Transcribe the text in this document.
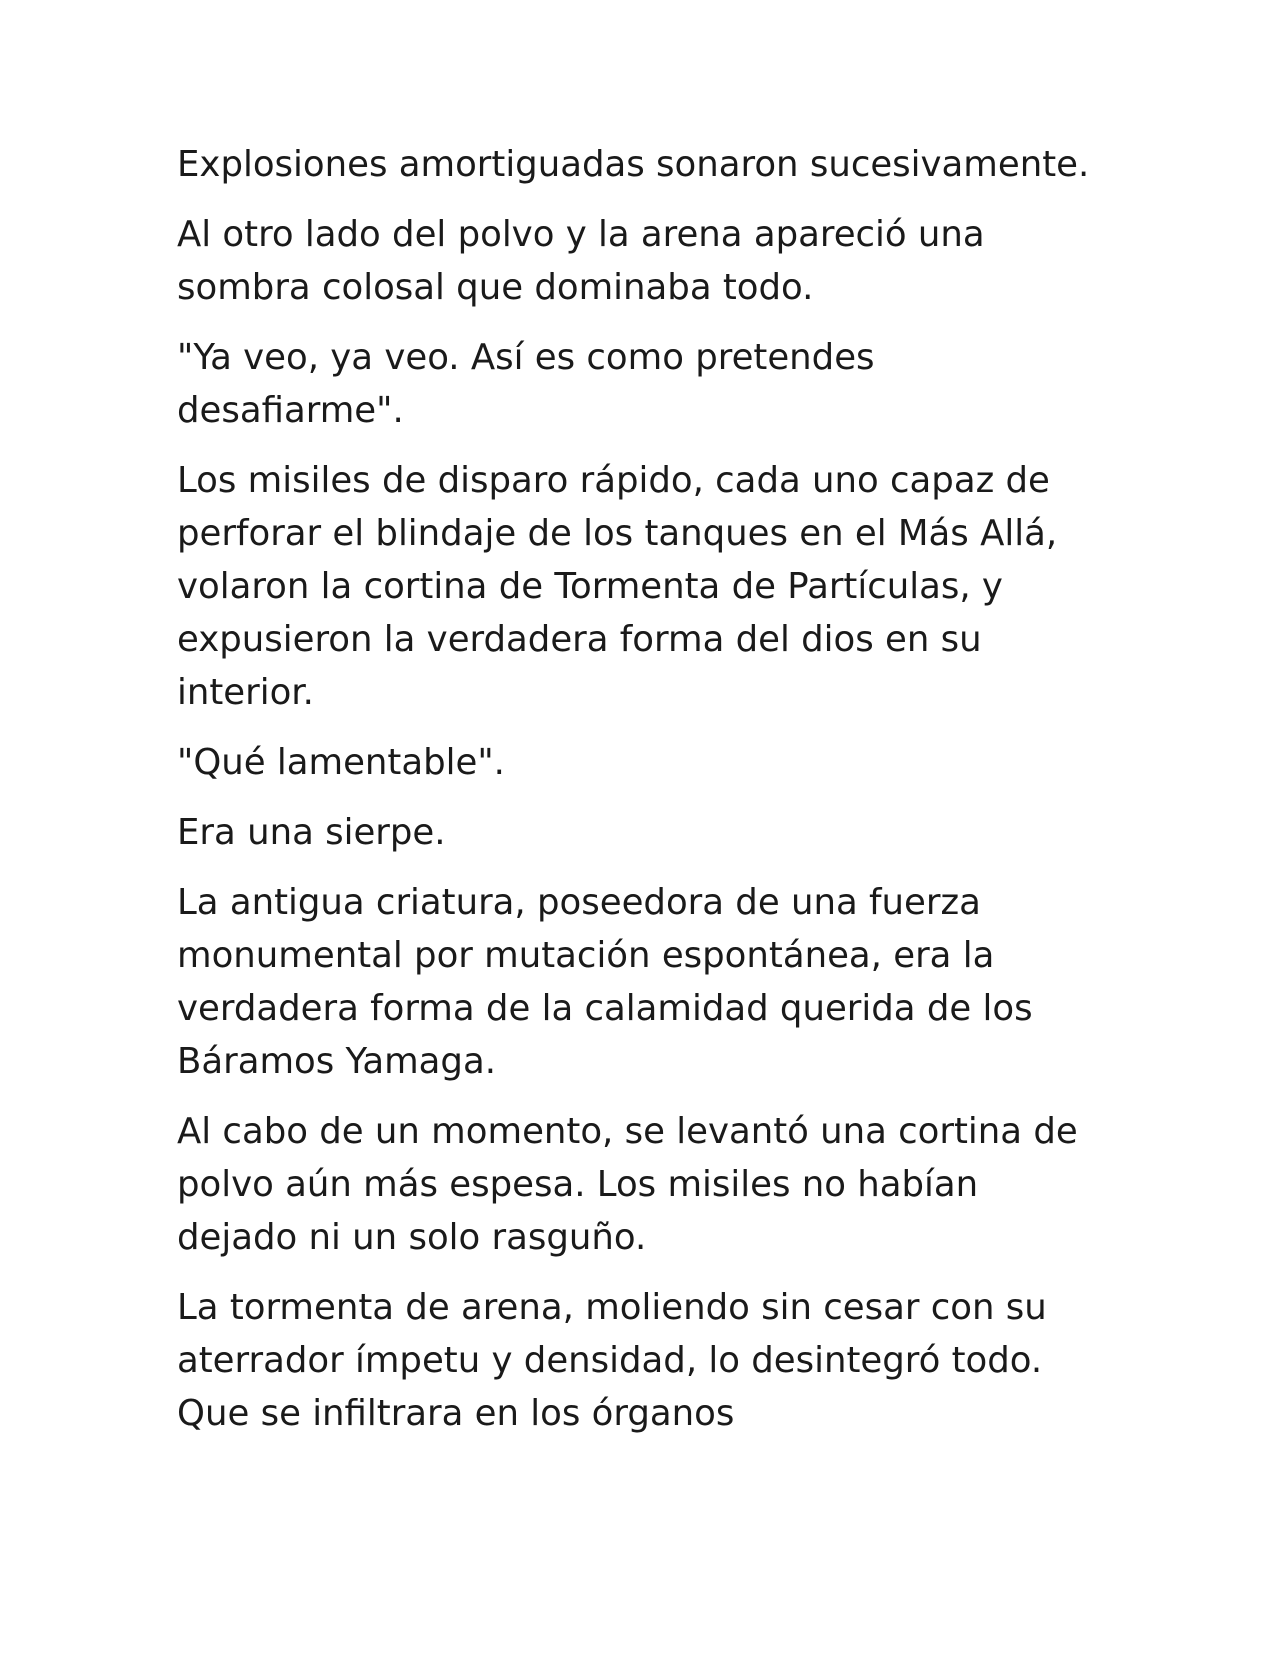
Explosiones amortiguadas sonaron sucesivamente.

Al otro lado del polvo y la arena apareció una sombra colosal que dominaba todo.

"Ya veo, ya veo. Así es como pretendes desafiarme".

Los misiles de disparo rápido, cada uno capaz de perforar el blindaje de los tanques en el Más Allá, volaron la cortina de Tormenta de Partículas, y expusieron la verdadera forma del dios en su interior.

"Qué lamentable".

Era una sierpe.

La antigua criatura, poseedora de una fuerza monumental por mutación espontánea, era la verdadera forma de la calamidad querida de los Báramos Yamaga.

Al cabo de un momento, se levantó una cortina de polvo aún más espesa. Los misiles no habían dejado ni un solo rasguño.

La tormenta de arena, moliendo sin cesar con su aterrador ímpetu y densidad, lo desintegró todo. Que se infiltrara en los órganos
